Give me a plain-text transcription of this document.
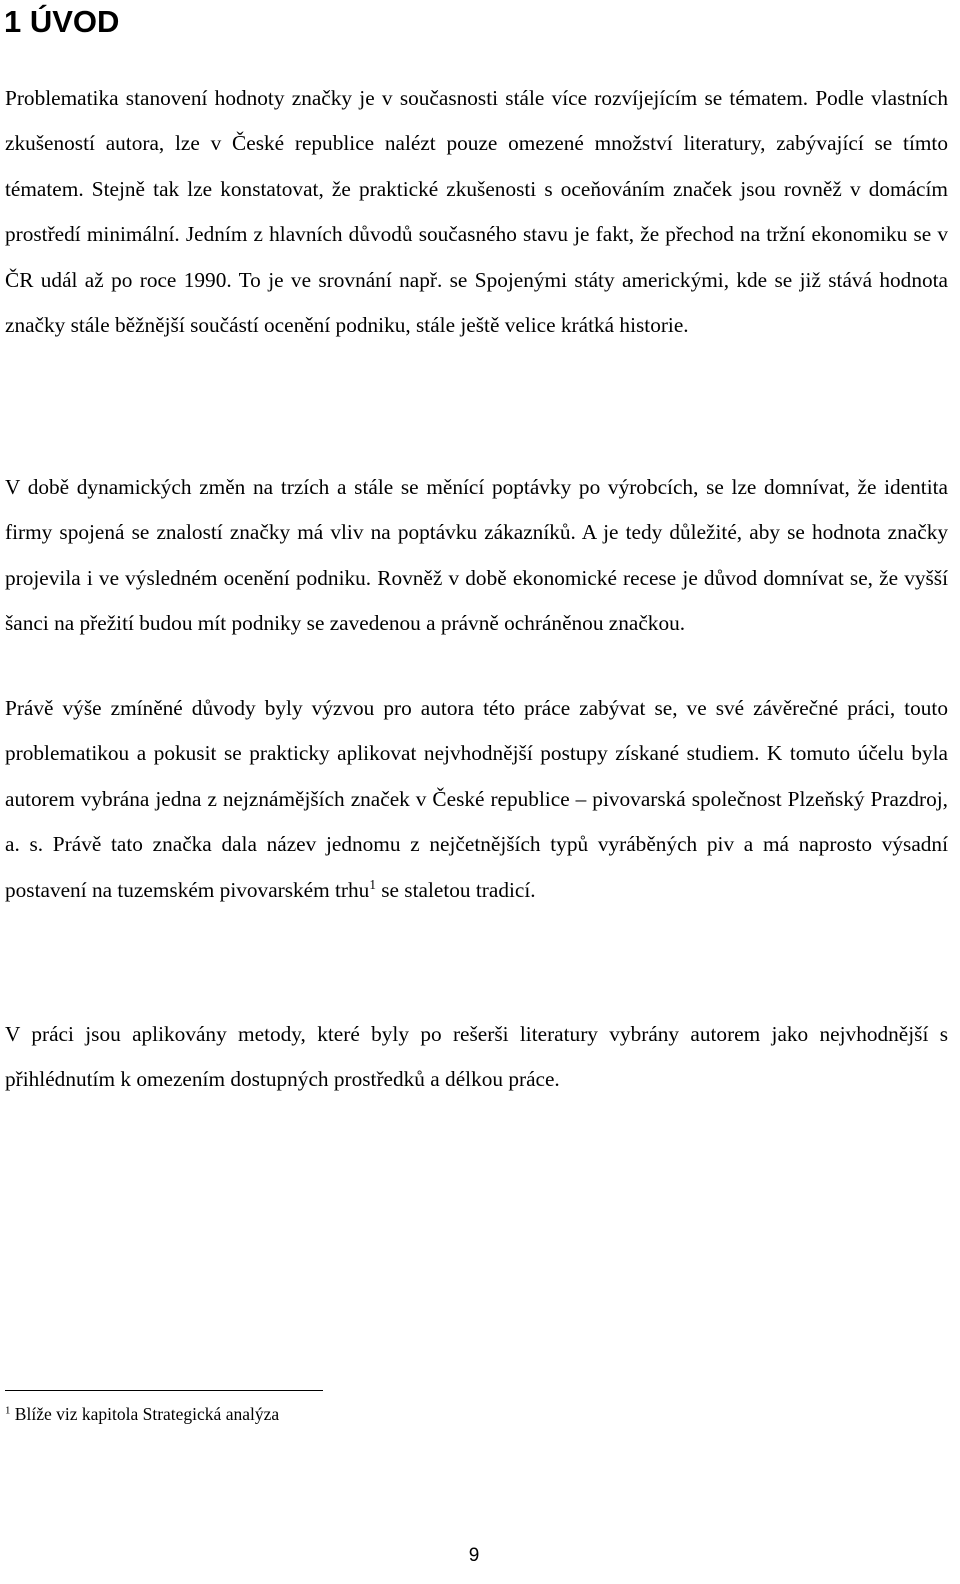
1 ÚVOD

Problematika stanovení hodnoty značky je v současnosti stále více rozvíjejícím se tématem. Podle vlastních zkušeností autora, lze v České republice nalézt pouze omezené množství literatury, zabývající se tímto tématem. Stejně tak lze konstatovat, že praktické zkušenosti s oceňováním značek jsou rovněž v domácím prostředí minimální. Jedním z hlavních důvodů současného stavu je fakt, že přechod na tržní ekonomiku se v ČR udál až po roce 1990. To je ve srovnání např. se Spojenými státy americkými, kde se již stává hodnota značky stále běžnější součástí ocenění podniku, stále ještě velice krátká historie.

V době dynamických změn na trzích a stále se měnící poptávky po výrobcích, se lze domnívat, že identita firmy spojená se znalostí značky má vliv na poptávku zákazníků. A je tedy důležité, aby se hodnota značky projevila i ve výsledném ocenění podniku. Rovněž v době ekonomické recese je důvod domnívat se, že vyšší šanci na přežití budou mít podniky se zavedenou a právně ochráněnou značkou.

Právě výše zmíněné důvody byly výzvou pro autora této práce zabývat se, ve své závěrečné práci, touto problematikou a pokusit se prakticky aplikovat nejvhodnější postupy získané studiem. K tomuto účelu byla autorem vybrána jedna z nejznámějších značek v České republice – pivovarská společnost Plzeňský Prazdroj, a. s. Právě tato značka dala název jednomu z nejčetnějších typů vyráběných piv a má naprosto výsadní postavení na tuzemském pivovarském trhu$^1$ se staletou tradicí.

V práci jsou aplikovány metody, které byly po rešerši literatury vybrány autorem jako nejvhodnější s přihlédnutím k omezením dostupných prostředků a délkou práce.

$^1$ Blíže viz kapitola Strategická analýza

9
